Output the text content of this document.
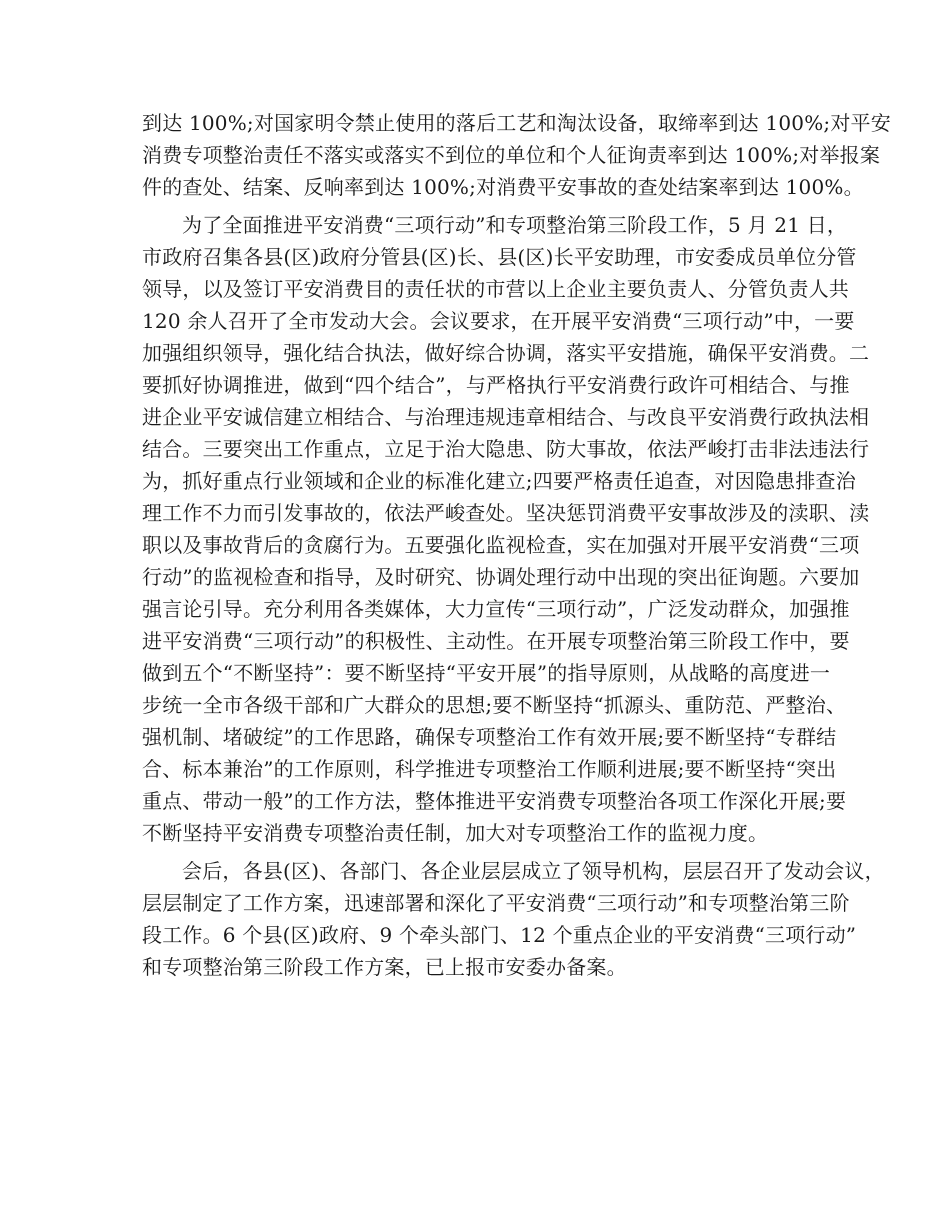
到达 100%;对国家明令禁止使用的落后工艺和淘汰设备，取缔率到达 100%;对平安
消费专项整治责任不落实或落实不到位的单位和个人征询责率到达 100%;对举报案
件的查处、结案、反响率到达 100%;对消费平安事故的查处结案率到达 100%。
为了全面推进平安消费“三项行动”和专项整治第三阶段工作，5 月 21 日，
市政府召集各县(区)政府分管县(区)长、县(区)长平安助理，市安委成员单位分管
领导，以及签订平安消费目的责任状的市营以上企业主要负责人、分管负责人共
120 余人召开了全市发动大会。会议要求，在开展平安消费“三项行动”中，一要
加强组织领导，强化结合执法，做好综合协调，落实平安措施，确保平安消费。二
要抓好协调推进，做到“四个结合”，与严格执行平安消费行政许可相结合、与推
进企业平安诚信建立相结合、与治理违规违章相结合、与改良平安消费行政执法相
结合。三要突出工作重点，立足于治大隐患、防大事故，依法严峻打击非法违法行
为，抓好重点行业领域和企业的标准化建立;四要严格责任追查，对因隐患排查治
理工作不力而引发事故的，依法严峻查处。坚决惩罚消费平安事故涉及的渎职、渎
职以及事故背后的贪腐行为。五要强化监视检查，实在加强对开展平安消费“三项
行动”的监视检查和指导，及时研究、协调处理行动中出现的突出征询题。六要加
强言论引导。充分利用各类媒体，大力宣传“三项行动”，广泛发动群众，加强推
进平安消费“三项行动”的积极性、主动性。在开展专项整治第三阶段工作中，要
做到五个“不断坚持”：要不断坚持“平安开展”的指导原则，从战略的高度进一
步统一全市各级干部和广大群众的思想;要不断坚持“抓源头、重防范、严整治、
强机制、堵破绽”的工作思路，确保专项整治工作有效开展;要不断坚持“专群结
合、标本兼治”的工作原则，科学推进专项整治工作顺利进展;要不断坚持“突出
重点、带动一般”的工作方法，整体推进平安消费专项整治各项工作深化开展;要
不断坚持平安消费专项整治责任制，加大对专项整治工作的监视力度。
会后，各县(区)、各部门、各企业层层成立了领导机构，层层召开了发动会议，
层层制定了工作方案，迅速部署和深化了平安消费“三项行动”和专项整治第三阶
段工作。6 个县(区)政府、9 个牵头部门、12 个重点企业的平安消费“三项行动”
和专项整治第三阶段工作方案，已上报市安委办备案。
